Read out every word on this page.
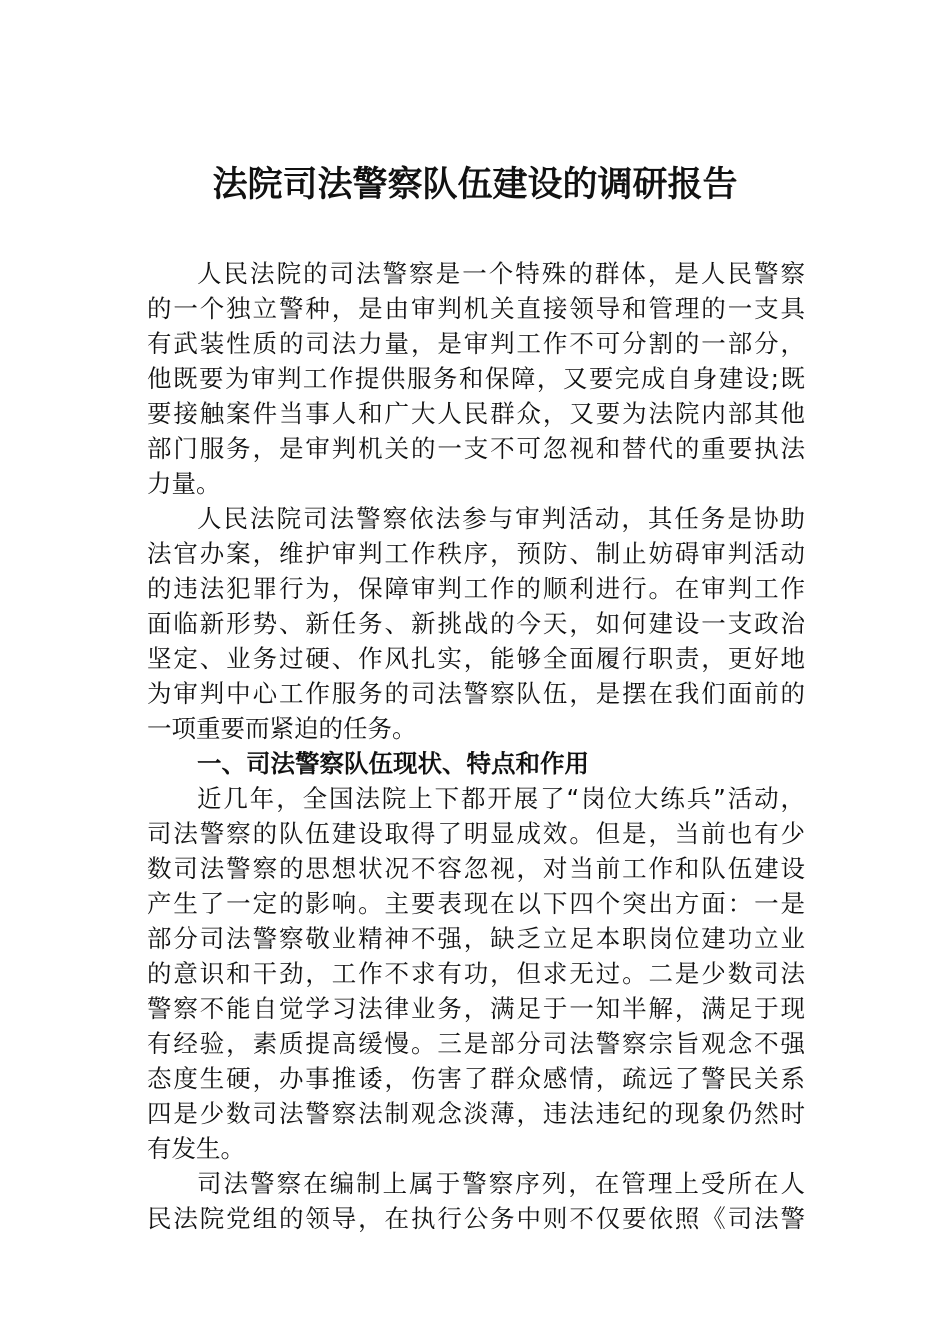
法院司法警察队伍建设的调研报告
人民法院的司法警察是一个特殊的群体，是人民警察
的一个独立警种，是由审判机关直接领导和管理的一支具
有武装性质的司法力量，是审判工作不可分割的一部分，
他既要为审判工作提供服务和保障，又要完成自身建设;既
要接触案件当事人和广大人民群众，又要为法院内部其他
部门服务，是审判机关的一支不可忽视和替代的重要执法
力量。
人民法院司法警察依法参与审判活动，其任务是协助
法官办案，维护审判工作秩序，预防、制止妨碍审判活动
的违法犯罪行为，保障审判工作的顺利进行。在审判工作
面临新形势、新任务、新挑战的今天，如何建设一支政治
坚定、业务过硬、作风扎实，能够全面履行职责，更好地
为审判中心工作服务的司法警察队伍，是摆在我们面前的
一项重要而紧迫的任务。
一、司法警察队伍现状、特点和作用
近几年，全国法院上下都开展了“岗位大练兵”活动，
司法警察的队伍建设取得了明显成效。但是，当前也有少
数司法警察的思想状况不容忽视，对当前工作和队伍建设
产生了一定的影响。主要表现在以下四个突出方面：一是
部分司法警察敬业精神不强，缺乏立足本职岗位建功立业
的意识和干劲，工作不求有功，但求无过。二是少数司法
警察不能自觉学习法律业务，满足于一知半解，满足于现
有经验，素质提高缓慢。三是部分司法警察宗旨观念不强
态度生硬，办事推诿，伤害了群众感情，疏远了警民关系
四是少数司法警察法制观念淡薄，违法违纪的现象仍然时
有发生。
司法警察在编制上属于警察序列，在管理上受所在人
民法院党组的领导，在执行公务中则不仅要依照《司法警
